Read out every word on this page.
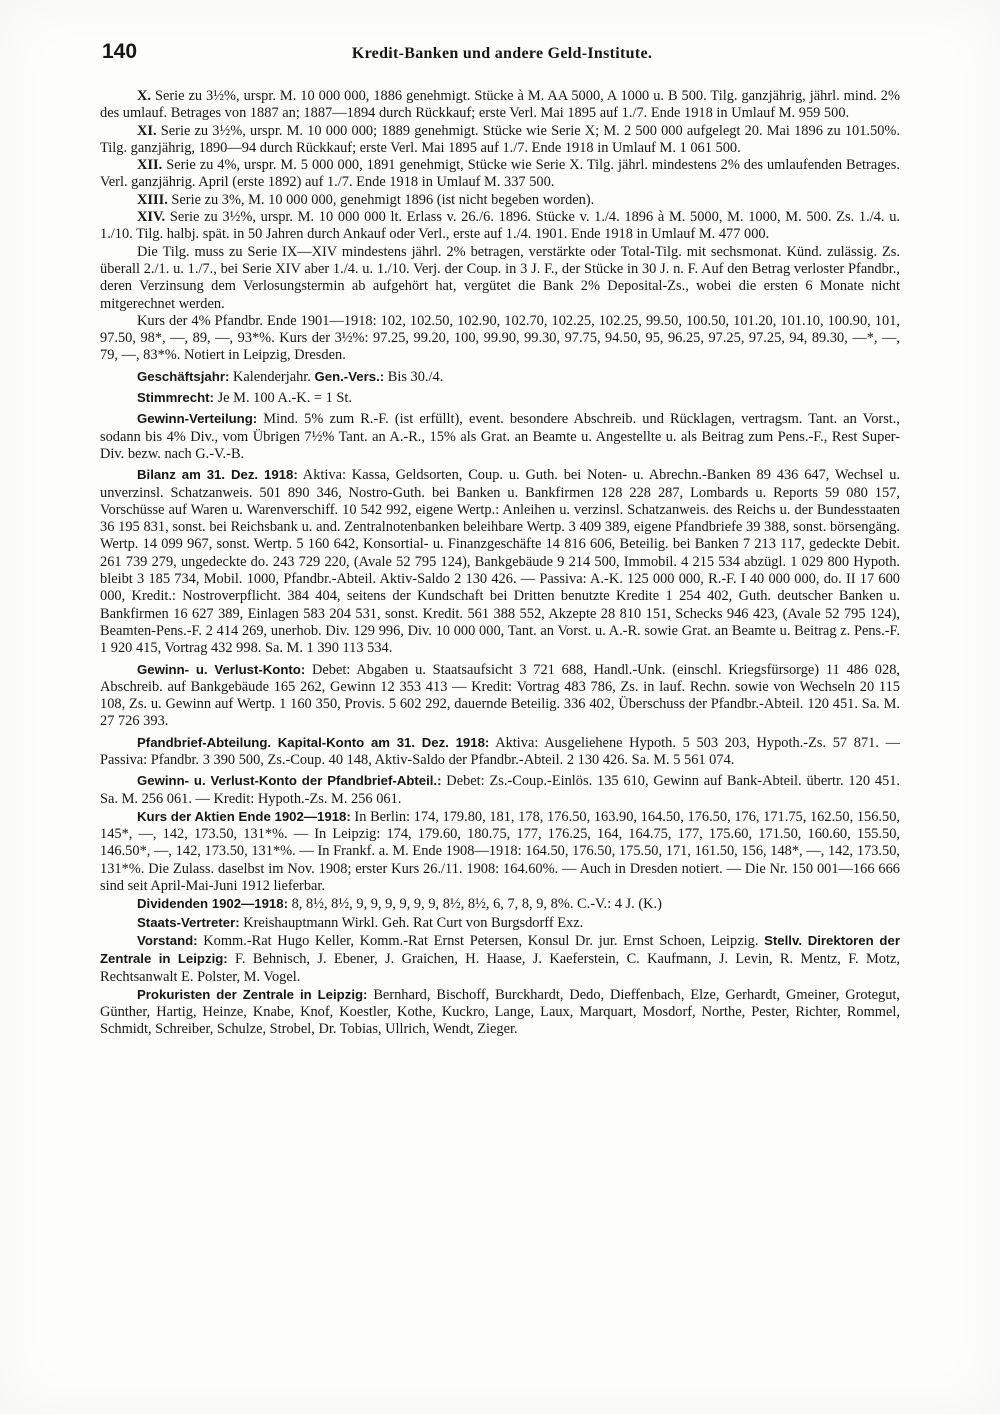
140	Kredit-Banken und andere Geld-Institute.

X. Serie zu 3½%, urspr. M. 10 000 000, 1886 genehmigt. Stücke à M. AA 5000, A 1000 u. B 500. Tilg. ganzjährig, jährl. mind. 2% des umlauf. Betrages von 1887 an; 1887—1894 durch Rückkauf; erste Verl. Mai 1895 auf 1./7. Ende 1918 in Umlauf M. 959 500.

XI. Serie zu 3½%, urspr. M. 10 000 000; 1889 genehmigt. Stücke wie Serie X; M. 2 500 000 aufgelegt 20. Mai 1896 zu 101.50%. Tilg. ganzjährig, 1890—94 durch Rückkauf; erste Verl. Mai 1895 auf 1./7. Ende 1918 in Umlauf M. 1 061 500.

XII. Serie zu 4%, urspr. M. 5 000 000, 1891 genehmigt, Stücke wie Serie X. Tilg. jährl. mindestens 2% des umlaufenden Betrages. Verl. ganzjährig. April (erste 1892) auf 1./7. Ende 1918 in Umlauf M. 337 500.

XIII. Serie zu 3%, M. 10 000 000, genehmigt 1896 (ist nicht begeben worden).

XIV. Serie zu 3½%, urspr. M. 10 000 000 lt. Erlass v. 26./6. 1896. Stücke v. 1./4. 1896 à M. 5000, M. 1000, M. 500. Zs. 1./4. u. 1./10. Tilg. halbj. spät. in 50 Jahren durch Ankauf oder Verl., erste auf 1./4. 1901. Ende 1918 in Umlauf M. 477 000.

Die Tilg. muss zu Serie IX—XIV mindestens jährl. 2% betragen, verstärkte oder Total-Tilg. mit sechsmonat. Künd. zulässig. Zs. überall 2./1. u. 1./7., bei Serie XIV aber 1./4. u. 1./10. Verj. der Coup. in 3 J. F., der Stücke in 30 J. n. F. Auf den Betrag verloster Pfandbr., deren Verzinsung dem Verlosungstermin ab aufgehört hat, vergütet die Bank 2% Deposital-Zs., wobei die ersten 6 Monate nicht mitgerechnet werden.

Kurs der 4% Pfandbr. Ende 1901—1918: 102, 102.50, 102.90, 102.70, 102.25, 102.25, 99.50, 100.50, 101.20, 101.10, 100.90, 101, 97.50, 98*, —, 89, —, 93*%. Kurs der 3½%: 97.25, 99.20, 100, 99.90, 99.30, 97.75, 94.50, 95, 96.25, 97.25, 97.25, 94, 89.30, —*, —, 79, —, 83*%. Notiert in Leipzig, Dresden.

Geschäftsjahr: Kalenderjahr. Gen.-Vers.: Bis 30./4.

Stimmrecht: Je M. 100 A.-K. = 1 St.

Gewinn-Verteilung: Mind. 5% zum R.-F. (ist erfüllt), event. besondere Abschreib. und Rücklagen, vertragsm. Tant. an Vorst., sodann bis 4% Div., vom Übrigen 7½% Tant. an A.-R., 15% als Grat. an Beamte u. Angestellte u. als Beitrag zum Pens.-F., Rest Super-Div. bezw. nach G.-V.-B.

Bilanz am 31. Dez. 1918: Aktiva: Kassa, Geldsorten, Coup. u. Guth. bei Noten- u. Abrechn.-Banken 89 436 647, Wechsel u. unverzinsl. Schatzanweis. 501 890 346, Nostro-Guth. bei Banken u. Bankfirmen 128 228 287, Lombards u. Reports 59 080 157, Vorschüsse auf Waren u. Warenverschiff. 10 542 992, eigene Wertp.: Anleihen u. verzinsl. Schatzanweis. des Reichs u. der Bundesstaaten 36 195 831, sonst. bei Reichsbank u. and. Zentralnotenbanken beleihbare Wertp. 3 409 389, eigene Pfandbriefe 39 388, sonst. börsengäng. Wertp. 14 099 967, sonst. Wertp. 5 160 642, Konsortial- u. Finanzgeschäfte 14 816 606, Beteilig. bei Banken 7 213 117, gedeckte Debit. 261 739 279, ungedeckte do. 243 729 220, (Avale 52 795 124), Bankgebäude 9 214 500, Immobil. 4 215 534 abzügl. 1 029 800 Hypoth. bleibt 3 185 734, Mobil. 1000, Pfandbr.-Abteil. Aktiv-Saldo 2 130 426. — Passiva: A.-K. 125 000 000, R.-F. I 40 000 000, do. II 17 600 000, Kredit.: Nostroverpflicht. 384 404, seitens der Kundschaft bei Dritten benutzte Kredite 1 254 402, Guth. deutscher Banken u. Bankfirmen 16 627 389, Einlagen 583 204 531, sonst. Kredit. 561 388 552, Akzepte 28 810 151, Schecks 946 423, (Avale 52 795 124), Beamten-Pens.-F. 2 414 269, unerhob. Div. 129 996, Div. 10 000 000, Tant. an Vorst. u. A.-R. sowie Grat. an Beamte u. Beitrag z. Pens.-F. 1 920 415, Vortrag 432 998. Sa. M. 1 390 113 534.

Gewinn- u. Verlust-Konto: Debet: Abgaben u. Staatsaufsicht 3 721 688, Handl.-Unk. (einschl. Kriegsfürsorge) 11 486 028, Abschreib. auf Bankgebäude 165 262, Gewinn 12 353 413 — Kredit: Vortrag 483 786, Zs. in lauf. Rechn. sowie von Wechseln 20 115 108, Zs. u. Gewinn auf Wertp. 1 160 350, Provis. 5 602 292, dauernde Beteilig. 336 402, Überschuss der Pfandbr.-Abteil. 120 451. Sa. M. 27 726 393.

Pfandbrief-Abteilung. Kapital-Konto am 31. Dez. 1918: Aktiva: Ausgeliehene Hypoth. 5 503 203, Hypoth.-Zs. 57 871. — Passiva: Pfandbr. 3 390 500, Zs.-Coup. 40 148, Aktiv-Saldo der Pfandbr.-Abteil. 2 130 426. Sa. M. 5 561 074.

Gewinn- u. Verlust-Konto der Pfandbrief-Abteil.: Debet: Zs.-Coup.-Einlös. 135 610, Gewinn auf Bank-Abteil. übertr. 120 451. Sa. M. 256 061. — Kredit: Hypoth.-Zs. M. 256 061.

Kurs der Aktien Ende 1902—1918: In Berlin: 174, 179.80, 181, 178, 176.50, 163.90, 164.50, 176.50, 176, 171.75, 162.50, 156.50, 145*, —, 142, 173.50, 131*%. — In Leipzig: 174, 179.60, 180.75, 177, 176.25, 164, 164.75, 177, 175.60, 171.50, 160.60, 155.50, 146.50*, —, 142, 173.50, 131*%. — In Frankf. a. M. Ende 1908—1918: 164.50, 176.50, 175.50, 171, 161.50, 156, 148*, —, 142, 173.50, 131*%. Die Zulass. daselbst im Nov. 1908; erster Kurs 26./11. 1908: 164.60%. — Auch in Dresden notiert. — Die Nr. 150 001—166 666 sind seit April-Mai-Juni 1912 lieferbar.

Dividenden 1902—1918: 8, 8½, 8½, 9, 9, 9, 9, 9, 9, 8½, 8½, 6, 7, 8, 9, 8%. C.-V.: 4 J. (K.)

Staats-Vertreter: Kreishauptmann Wirkl. Geh. Rat Curt von Burgsdorff Exz.

Vorstand: Komm.-Rat Hugo Keller, Komm.-Rat Ernst Petersen, Konsul Dr. jur. Ernst Schoen, Leipzig. Stellv. Direktoren der Zentrale in Leipzig: F. Behnisch, J. Ebener, J. Graichen, H. Haase, J. Kaeferstein, C. Kaufmann, J. Levin, R. Mentz, F. Motz, Rechtsanwalt E. Polster, M. Vogel.

Prokuristen der Zentrale in Leipzig: Bernhard, Bischoff, Burckhardt, Dedo, Dieffenbach, Elze, Gerhardt, Gmeiner, Grotegut, Günther, Hartig, Heinze, Knabe, Knof, Koestler, Kothe, Kuckro, Lange, Laux, Marquart, Mosdorf, Northe, Pester, Richter, Rommel, Schmidt, Schreiber, Schulze, Strobel, Dr. Tobias, Ullrich, Wendt, Zieger.
